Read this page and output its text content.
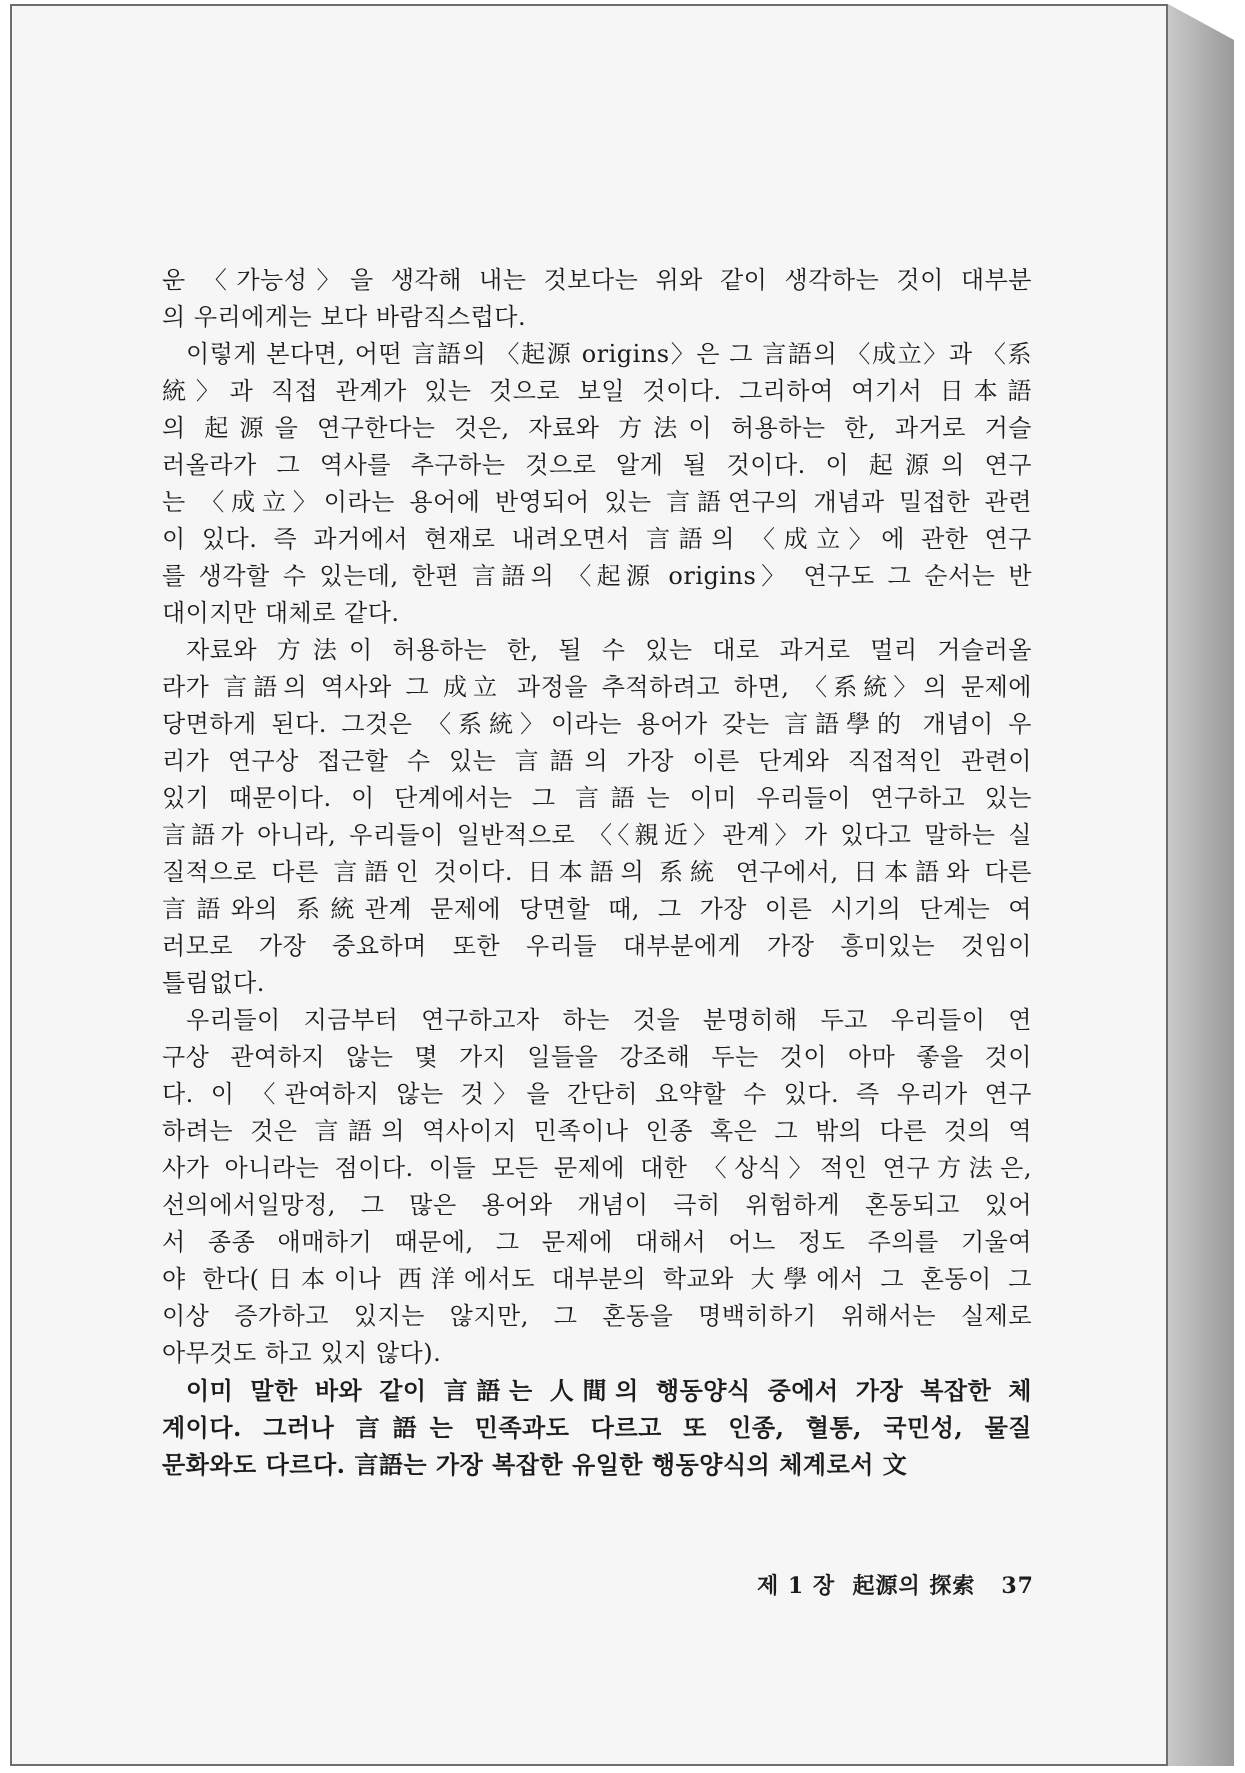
운 〈가능성〉을 생각해 내는 것보다는 위와 같이 생각하는 것이 대부분
의 우리에게는 보다 바람직스럽다.
이렇게 본다면, 어떤 言語의 〈起源 origins〉은 그 言語의 〈成立〉과 〈系
統〉과 직접 관계가 있는 것으로 보일 것이다. 그리하여 여기서 日本語
의 起源을 연구한다는 것은, 자료와 方法이 허용하는 한, 과거로 거슬
러올라가 그 역사를 추구하는 것으로 알게 될 것이다. 이 起源의 연구
는 〈成立〉이라는 용어에 반영되어 있는 言語연구의 개념과 밀접한 관련
이 있다. 즉 과거에서 현재로 내려오면서 言語의 〈成立〉에 관한 연구
를 생각할 수 있는데, 한편 言語의 〈起源 origins〉 연구도 그 순서는 반
대이지만 대체로 같다.
자료와 方法이 허용하는 한, 될 수 있는 대로 과거로 멀리 거슬러올
라가 言語의 역사와 그 成立 과정을 추적하려고 하면, 〈系統〉의 문제에
당면하게 된다. 그것은 〈系統〉이라는 용어가 갖는 言語學的 개념이 우
리가 연구상 접근할 수 있는 言語의 가장 이른 단계와 직접적인 관련이
있기 때문이다. 이 단계에서는 그 言語는 이미 우리들이 연구하고 있는
言語가 아니라, 우리들이 일반적으로 〈〈親近〉관계〉가 있다고 말하는 실
질적으로 다른 言語인 것이다. 日本語의 系統 연구에서, 日本語와 다른
言語와의 系統관계 문제에 당면할 때, 그 가장 이른 시기의 단계는 여
러모로 가장 중요하며 또한 우리들 대부분에게 가장 흥미있는 것임이
틀림없다.
우리들이 지금부터 연구하고자 하는 것을 분명히해 두고 우리들이 연
구상 관여하지 않는 몇 가지 일들을 강조해 두는 것이 아마 좋을 것이
다. 이 〈관여하지 않는 것〉을 간단히 요약할 수 있다. 즉 우리가 연구
하려는 것은 言語의 역사이지 민족이나 인종 혹은 그 밖의 다른 것의 역
사가 아니라는 점이다. 이들 모든 문제에 대한 〈상식〉적인 연구方法은,
선의에서일망정, 그 많은 용어와 개념이 극히 위험하게 혼동되고 있어
서 종종 애매하기 때문에, 그 문제에 대해서 어느 정도 주의를 기울여
야 한다(日本이나 西洋에서도 대부분의 학교와 大學에서 그 혼동이 그
이상 증가하고 있지는 않지만, 그 혼동을 명백히하기 위해서는 실제로
아무것도 하고 있지 않다).
이미 말한 바와 같이 言語는 人間의 행동양식 중에서 가장 복잡한 체
계이다. 그러나 言語는 민족과도 다르고 또 인종, 혈통, 국민성, 물질
문화와도 다르다. 言語는 가장 복잡한 유일한 행동양식의 체계로서 文
제 1 장 起源의 探索 37
